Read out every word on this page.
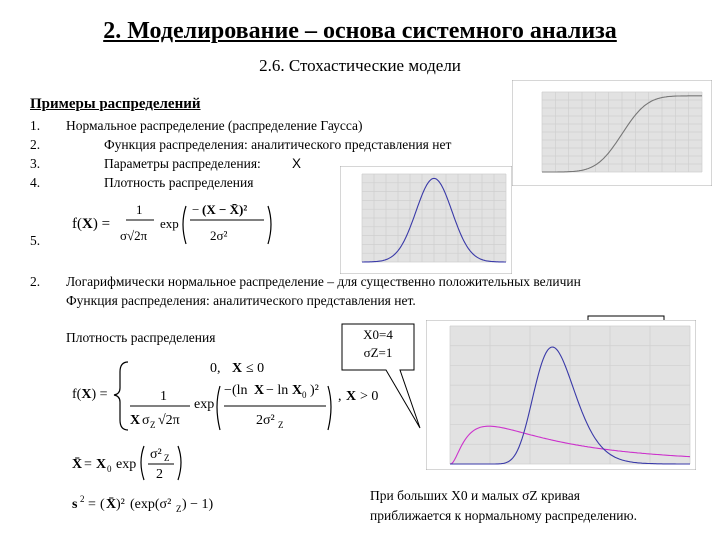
2. Моделирование – основа системного анализа
2.6. Стохастические модели
Примеры распределений
1. Нормальное распределение (распределение Гаусса)
2.	Функция распределения: аналитического представления нет
3.	Параметры распределения: X
4.	Плотность распределения
5.
f(X) =
1
σ√2π
exp
− (X − X̄)²
2σ²
2. Логарифмически нормальное распределение – для существенно положительных величин
Функция распределения: аналитического представления нет.
Плотность распределения
f(X) =
0, X ≤ 0
1
X σ Z √2π
exp
− (ln X − ln X 0 )²
2σ² Z
, X > 0
X̄ = X 0 exp
σ² Z
2
s 2 = ( X̄ )² (exp(σ² Z ) − 1)
X0=4
σZ=1
При больших X0 и малых σZ кривая
приближается к нормальному распределению.
